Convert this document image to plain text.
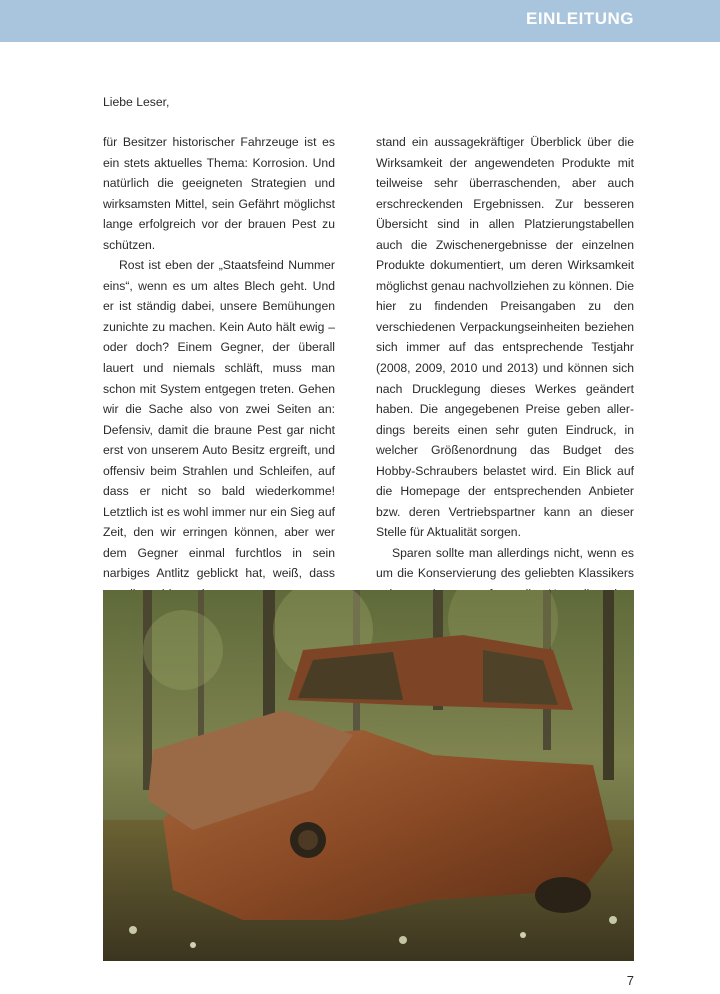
EINLEITUNG
Liebe Leser,

für Besitzer historischer Fahrzeuge ist es ein stets aktuelles Thema: Korrosion. Und natürlich die geeigneten Strategien und wirksamsten Mittel, sein Gefährt möglichst lange erfolgreich vor der brauen Pest zu schützen.

Rost ist eben der „Staatsfeind Nummer eins“, wenn es um altes Blech geht. Und er ist ständig dabei, unsere Bemühungen zunichte zu machen. Kein Auto hält ewig – oder doch? Einem Gegner, der überall lauert und niemals schläft, muss man schon mit System entgegen treten. Gehen wir die Sache also von zwei Seiten an: Defensiv, damit die braune Pest gar nicht erst von unserem Auto Besitz ergreift, und offensiv beim Strahlen und Schleifen, auf dass er nicht so bald wiederkomme! Letztlich ist es wohl immer nur ein Sieg auf Zeit, den wir erringen können, aber wer dem Gegner einmal furchtlos in sein narbiges Antlitz geblickt hat, weiß, dass

stand ein aussagekräftiger Überblick über die Wirksamkeit der angewendeten Produkte mit teilweise sehr überraschenden, aber auch erschreckenden Ergebnissen. Zur besseren Übersicht sind in allen Platzierungstabellen auch die Zwischenergebnisse der einzelnen Produkte dokumentiert, um deren Wirksamkeit möglichst genau nachvollziehen zu können. Die hier zu findenden Preisangaben zu den verschiedenen Verpackungseinheiten beziehen sich immer auf das entsprechende Testjahr (2008, 2009, 2010 und 2013) und können sich nach Drucklegung dieses Werkes geändert haben. Die angegebenen Preise geben allerdings bereits einen sehr guten Eindruck, in welcher Größenordnung das Budget des Hobby-Schraubers belastet wird. Ein Blick auf die Homepage der entsprechenden Anbieter bzw. deren Vertriebspartner kann an dieser Stelle für Aktualität sorgen.

Sparen sollte man allerdings nicht, wenn es um die Konservierung des geliebten Klassikers

7
